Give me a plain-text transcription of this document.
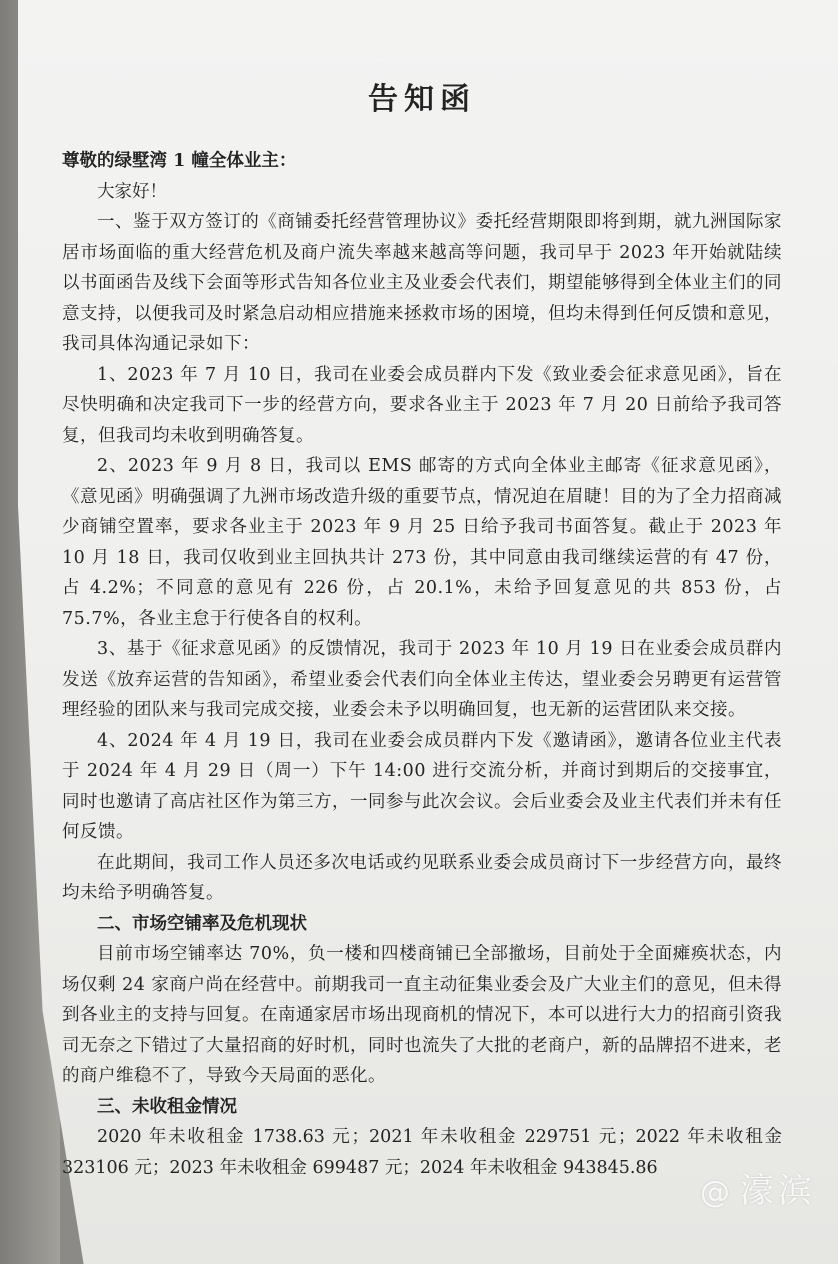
告知函

尊敬的绿墅湾 1 幢全体业主：

大家好！

一、鉴于双方签订的《商铺委托经营管理协议》委托经营期限即将到期，就九洲国际家居市场面临的重大经营危机及商户流失率越来越高等问题，我司早于 2023 年开始就陆续以书面函告及线下会面等形式告知各位业主及业委会代表们，期望能够得到全体业主们的同意支持，以便我司及时紧急启动相应措施来拯救市场的困境，但均未得到任何反馈和意见，我司具体沟通记录如下：

1、2023 年 7 月 10 日，我司在业委会成员群内下发《致业委会征求意见函》，旨在尽快明确和决定我司下一步的经营方向，要求各业主于 2023 年 7 月 20 日前给予我司答复，但我司均未收到明确答复。

2、2023 年 9 月 8 日，我司以 EMS 邮寄的方式向全体业主邮寄《征求意见函》，《意见函》明确强调了九洲市场改造升级的重要节点，情况迫在眉睫！目的为了全力招商减少商铺空置率，要求各业主于 2023 年 9 月 25 日给予我司书面答复。截止于 2023 年 10 月 18 日，我司仅收到业主回执共计 273 份，其中同意由我司继续运营的有 47 份，占 4.2%；不同意的意见有 226 份，占 20.1%，未给予回复意见的共 853 份，占 75.7%，各业主怠于行使各自的权利。

3、基于《征求意见函》的反馈情况，我司于 2023 年 10 月 19 日在业委会成员群内发送《放弃运营的告知函》，希望业委会代表们向全体业主传达，望业委会另聘更有运营管理经验的团队来与我司完成交接，业委会未予以明确回复，也无新的运营团队来交接。

4、2024 年 4 月 19 日，我司在业委会成员群内下发《邀请函》，邀请各位业主代表于 2024 年 4 月 29 日（周一）下午 14:00 进行交流分析，并商讨到期后的交接事宜，同时也邀请了高店社区作为第三方，一同参与此次会议。会后业委会及业主代表们并未有任何反馈。

在此期间，我司工作人员还多次电话或约见联系业委会成员商讨下一步经营方向，最终均未给予明确答复。

二、市场空铺率及危机现状

目前市场空铺率达 70%，负一楼和四楼商铺已全部撤场，目前处于全面瘫痪状态，内场仅剩 24 家商户尚在经营中。前期我司一直主动征集业委会及广大业主们的意见，但未得到各业主的支持与回复。在南通家居市场出现商机的情况下，本可以进行大力的招商引资我司无奈之下错过了大量招商的好时机，同时也流失了大批的老商户，新的品牌招不进来，老的商户维稳不了，导致今天局面的恶化。

三、未收租金情况

2020 年未收租金 1738.63 元；2021 年未收租金 229751 元；2022 年未收租金 323106 元；2023 年未收租金 699487 元；2024 年未收租金 943845.86

@ 濠滨
